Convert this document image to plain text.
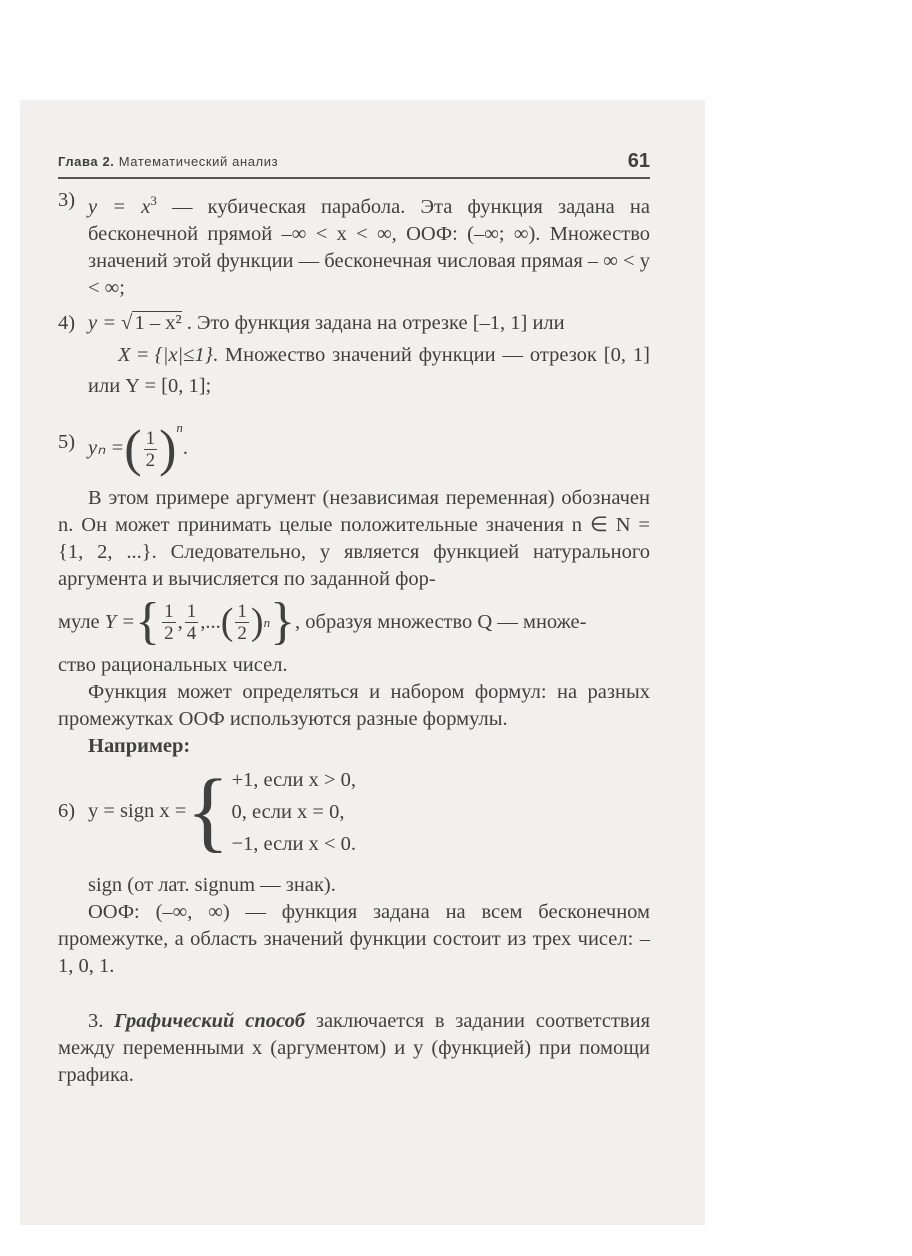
Глава 2. Математический анализ	61
3) $y = x^3$ — кубическая парабола. Эта функция задана на бесконечной прямой –∞ < x < ∞, ООФ: (–∞; ∞). Множество значений этой функции — бесконечная числовая прямая – ∞ < y < ∞;
4) y = √1 – x² . Это функция задана на отрезке [–1, 1] или
X = {|x|≤1}. Множество значений функции — отрезок [0, 1] или Y = [0, 1];
5) yₙ =( $\frac{1}{2} )^n$.

В этом примере аргумент (независимая переменная) обозначен n. Он может принимать целые положительные значения n ∈ N = {1, 2, ...}. Следовательно, y является функцией натурального аргумента и вычисляется по заданной фор-

муле
Y = { $\frac{1}{2}$ , $\frac{1}{4}$ , ... ( $\frac{1}{2}$ ) n } , образуя множество Q — множе-

ство рациональных чисел.

Функция может определяться и набором формул: на разных промежутках ООФ используются разные формулы.

Например:

6) y = sign x = { +1, если x > 0,
0, если x = 0,
−1, если x < 0.

sign (от лат. signum — знак).

ООФ: (–∞, ∞) — функция задана на всем бесконечном промежутке, а область значений функции состоит из трех чисел: –1, 0, 1.

3. Графический способ заключается в задании соответствия между переменными x (аргументом) и y (функцией) при помощи графика.
